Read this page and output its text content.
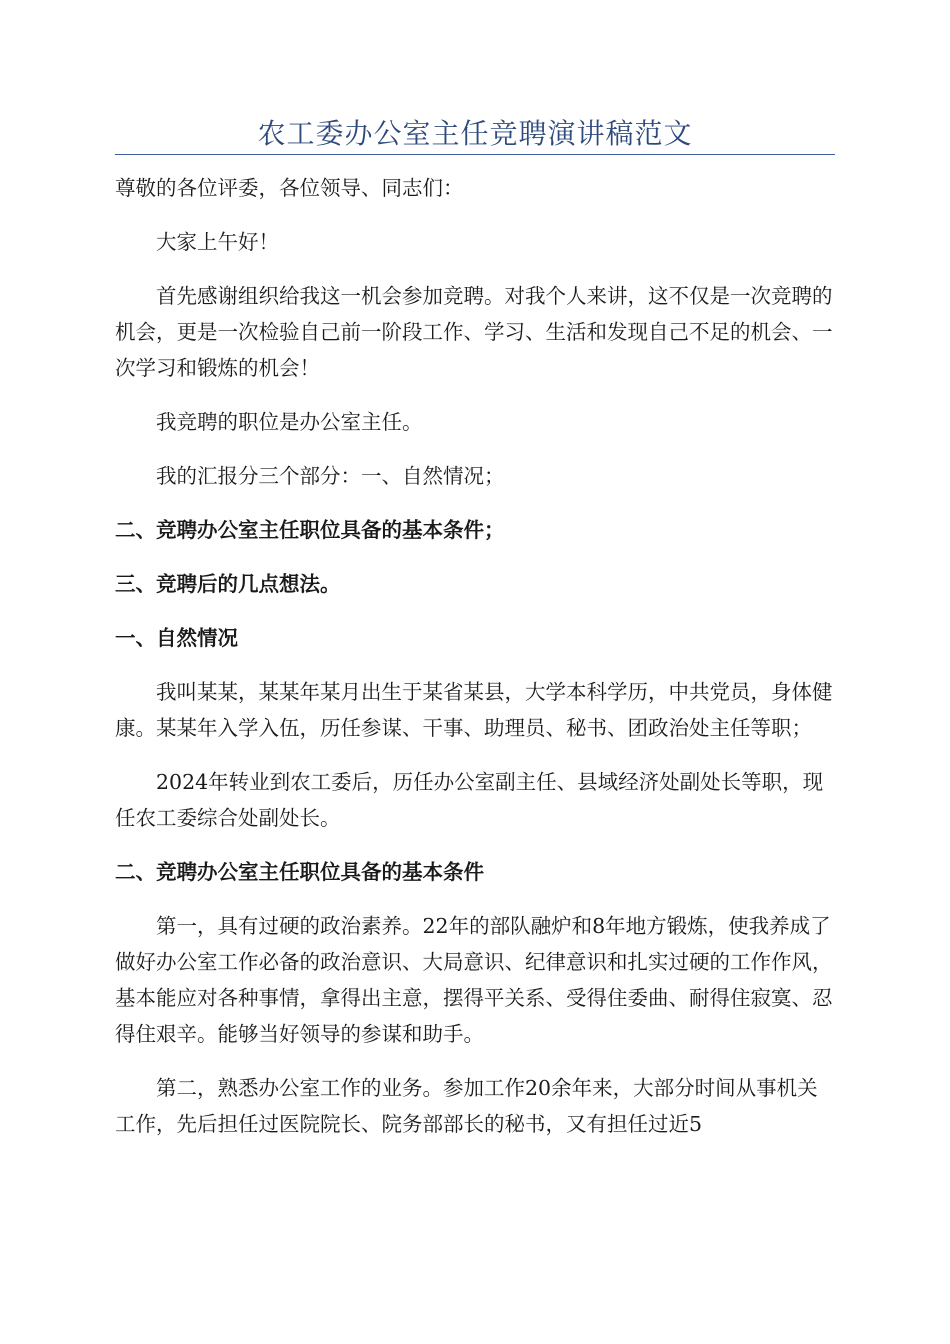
农工委办公室主任竞聘演讲稿范文

尊敬的各位评委，各位领导、同志们：

大家上午好！

首先感谢组织给我这一机会参加竞聘。对我个人来讲，这不仅是一次竞聘的机会，更是一次检验自己前一阶段工作、学习、生活和发现自己不足的机会、一次学习和锻炼的机会！

我竞聘的职位是办公室主任。

我的汇报分三个部分：一、自然情况；

二、竞聘办公室主任职位具备的基本条件；

三、竞聘后的几点想法。

一、自然情况

我叫某某，某某年某月出生于某省某县，大学本科学历，中共党员，身体健康。某某年入学入伍，历任参谋、干事、助理员、秘书、团政治处主任等职；

2024年转业到农工委后，历任办公室副主任、县域经济处副处长等职，现任农工委综合处副处长。

二、竞聘办公室主任职位具备的基本条件

第一，具有过硬的政治素养。22年的部队融炉和8年地方锻炼，使我养成了做好办公室工作必备的政治意识、大局意识、纪律意识和扎实过硬的工作作风，基本能应对各种事情，拿得出主意，摆得平关系、受得住委曲、耐得住寂寞、忍得住艰辛。能够当好领导的参谋和助手。

第二，熟悉办公室工作的业务。参加工作20余年来，大部分时间从事机关工作，先后担任过医院院长、院务部部长的秘书，又有担任过近5
